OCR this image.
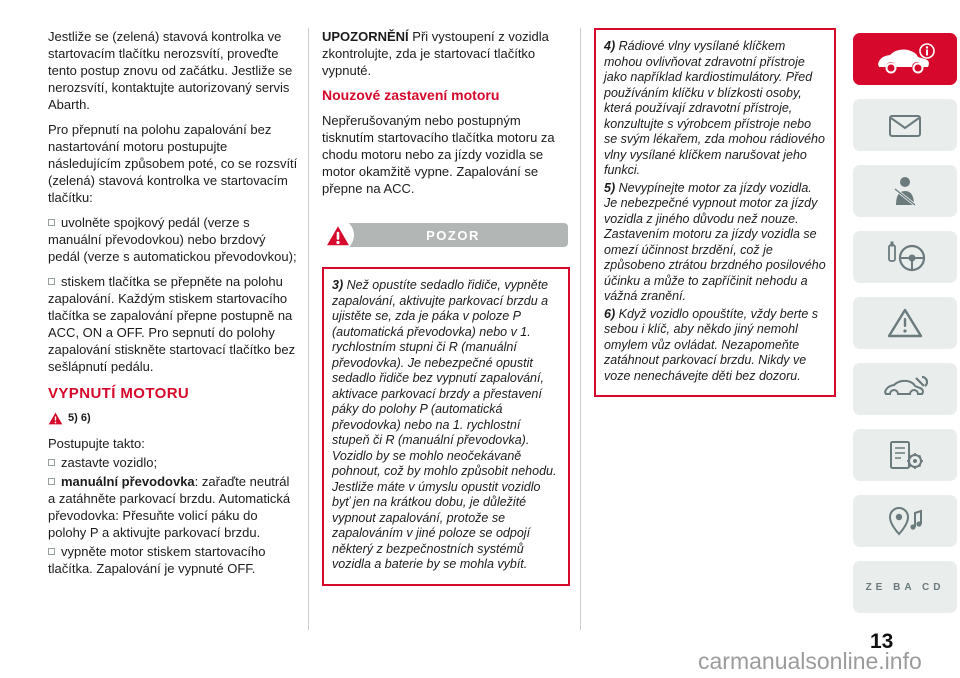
Jestliže se (zelená) stavová kontrolka ve startovacím tlačítku nerozsvítí, proveďte tento postup znovu od začátku. Jestliže se nerozsvítí, kontaktujte autorizovaný servis Abarth.

Pro přepnutí na polohu zapalování bez nastartování motoru postupujte následujícím způsobem poté, co se rozsvítí (zelená) stavová kontrolka ve startovacím tlačítku:

uvolněte spojkový pedál (verze s manuální převodovkou) nebo brzdový pedál (verze s automatickou převodovkou);

stiskem tlačítka se přepněte na polohu zapalování. Každým stiskem startovacího tlačítka se zapalování přepne postupně na ACC, ON a OFF. Pro sepnutí do polohy zapalování stiskněte startovací tlačítko bez sešlápnutí pedálu.

VYPNUTÍ MOTORU
5) 6)

Postupujte takto:

zastavte vozidlo;

manuální převodovka: zařaďte neutrál a zatáhněte parkovací brzdu. Automatická převodovka: Přesuňte volicí páku do polohy P a aktivujte parkovací brzdu.

vypněte motor stiskem startovacího tlačítka. Zapalování je vypnuté OFF.

UPOZORNĚNÍ Při vystoupení z vozidla zkontrolujte, zda je startovací tlačítko vypnuté.

Nouzové zastavení motoru

Nepřerušovaným nebo postupným tisknutím startovacího tlačítka motoru za chodu motoru nebo za jízdy vozidla se motor okamžitě vypne. Zapalování se přepne na ACC.

POZOR
3) Než opustíte sedadlo řidiče, vypněte zapalování, aktivujte parkovací brzdu a ujistěte se, zda je páka v poloze P (automatická převodovka) nebo v 1. rychlostním stupni či R (manuální převodovka). Je nebezpečné opustit sedadlo řidiče bez vypnutí zapalování, aktivace parkovací brzdy a přestavení páky do polohy P (automatická převodovka) nebo na 1. rychlostní stupeň či R (manuální převodovka). Vozidlo by se mohlo neočekávaně pohnout, což by mohlo způsobit nehodu. Jestliže máte v úmyslu opustit vozidlo byť jen na krátkou dobu, je důležité vypnout zapalování, protože se zapalováním v jiné poloze se odpojí některý z bezpečnostních systémů vozidla a baterie by se mohla vybít.
4) Rádiové vlny vysílané klíčkem mohou ovlivňovat zdravotní přístroje jako například kardiostimulátory. Před používáním klíčku v blízkosti osoby, která používají zdravotní přístroje, konzultujte s výrobcem přístroje nebo se svým lékařem, zda mohou rádiového vlny vysílané klíčkem narušovat jeho funkci.
5) Nevypínejte motor za jízdy vozidla. Je nebezpečné vypnout motor za jízdy vozidla z jiného důvodu než nouze. Zastavením motoru za jízdy vozidla se omezí účinnost brzdění, což je způsobeno ztrátou brzdného posilového účinku a může to zapříčinit nehodu a vážná zranění.
6) Když vozidlo opouštíte, vždy berte s sebou i klíč, aby někdo jiný nemohl omylem vůz ovládat. Nezapomeňte zatáhnout parkovací brzdu. Nikdy ve voze nenechávejte děti bez dozoru.
ZE BA CD
13
carmanualsonline.info
